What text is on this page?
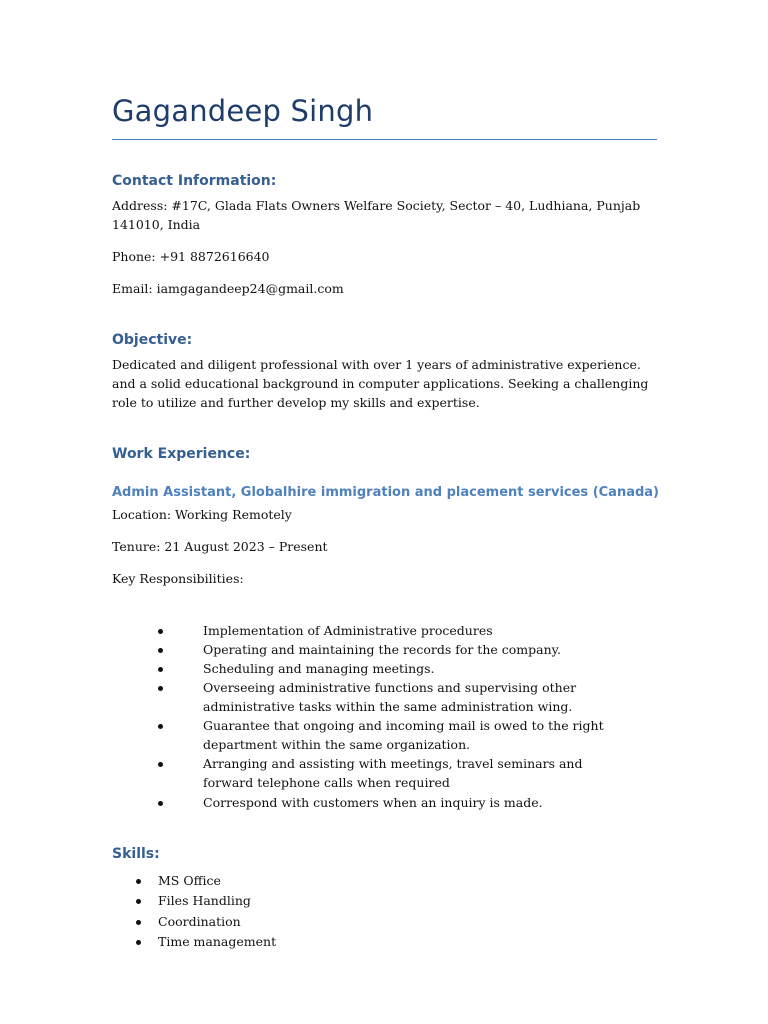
Gagandeep Singh
Contact Information:
Address: #17C, Glada Flats Owners Welfare Society, Sector – 40, Ludhiana, Punjab 141010, India
Phone: +91 8872616640
Email: iamgagandeep24@gmail.com
Objective:
Dedicated and diligent professional with over 1 years of administrative experience. and a solid educational background in computer applications. Seeking a challenging role to utilize and further develop my skills and expertise.
Work Experience:
Admin Assistant, Globalhire immigration and placement services (Canada)
Location: Working Remotely
Tenure: 21 August 2023 – Present
Key Responsibilities:
Implementation of Administrative procedures
Operating and maintaining the records for the company.
Scheduling and managing meetings.
Overseeing administrative functions and supervising other administrative tasks within the same administration wing.
Guarantee that ongoing and incoming mail is owed to the right department within the same organization.
Arranging and assisting with meetings, travel seminars and forward telephone calls when required
Correspond with customers when an inquiry is made.
Skills:
MS Office
Files Handling
Coordination
Time management
